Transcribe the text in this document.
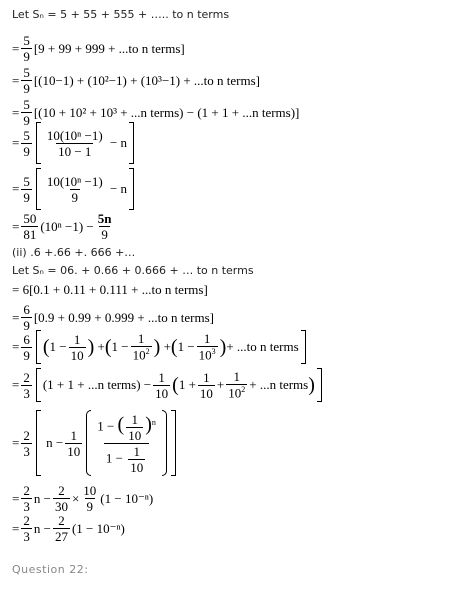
Let Sₙ = 5 + 55 + 555 + ….. to n terms
= $\frac{5}{9} [9 + 99 + 999 + ...to$ n terms]
= $\frac{5}{9} [(10-1) + (10^2-1) + (10^3-1) + ...to$ n terms]
= $\frac{5}{9} [(10 + 10^2 + 10^3 + ...n$ terms) − (1 + 1 + ...n terms)]
= $\frac{5}{9} \frac{\text{10(10ⁿ −1)}}{10 - 1} - n$
= $\frac{5}{9} \frac{\text{10(10ⁿ −1)}}{9} - n$
= $\frac{50}{81} (10^n -1) - \frac{5n}{9}$
(ii) .6 +.66 +. 666 +…
Let Sₙ = 06. + 0.66 + 0.666 + … to n terms
= 6[0.1 + 0.11 + 0.111 + ...to n terms]
= $\frac{6}{9} [0.9 + 0.99 + 0.999 + ...to$ n terms]
= $\frac{6}{9}$ ( $1 - \frac{1}{10}$ ) + ( $1 - \frac{1}{10^2}$ ) + ( $1 - \frac{1}{10^3}$ ) + ...to n terms
= $\frac{2}{3} (1 + 1 + ...n$ terms) − $\frac{1}{10}$ ( $1 + \frac{1}{10} + \frac{1}{10^2} + ...n$ terms )
= $\frac{2}{3}$ $n - \frac{1}{10} \frac{1 - ( \frac{1}{10} )^n}{1 - \frac{1}{10}}$
= $\frac{2}{3}$ $n - \frac{2}{30} \times \frac{10}{9} (1 - 10^{-n})$
= $\frac{2}{3}$ $n - \frac{2}{27} (1 - 10^{-n})$
Question 22:
